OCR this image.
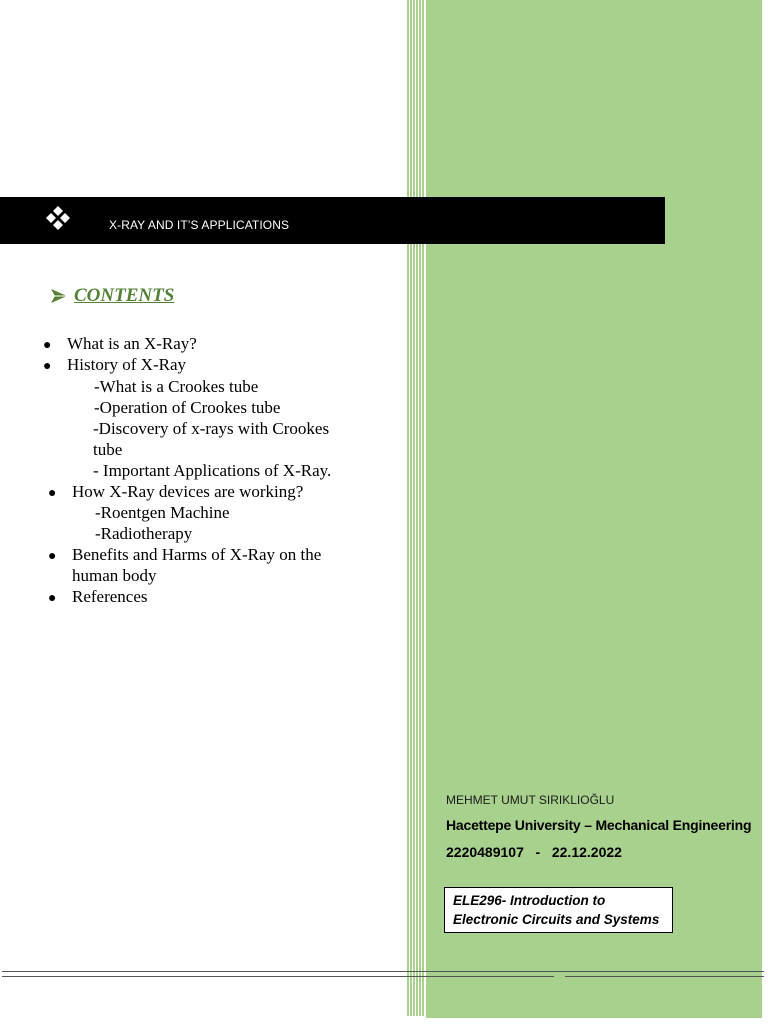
X-RAY AND IT’S APPLICATIONS
CONTENTS
● What is an X-Ray?
● History of X-Ray
-What is a Crookes tube
-Operation of Crookes tube
-Discovery of x-rays with Crookes
tube
- Important Applications of X-Ray.
● How X-Ray devices are working?
-Roentgen Machine
-Radiotherapy
● Benefits and Harms of X-Ray on the
human body
● References
MEHMET UMUT SIRIKLIOĞLU
Hacettepe University – Mechanical Engineering
2220489107   -   22.12.2022
ELE296- Introduction to
Electronic Circuits and Systems
